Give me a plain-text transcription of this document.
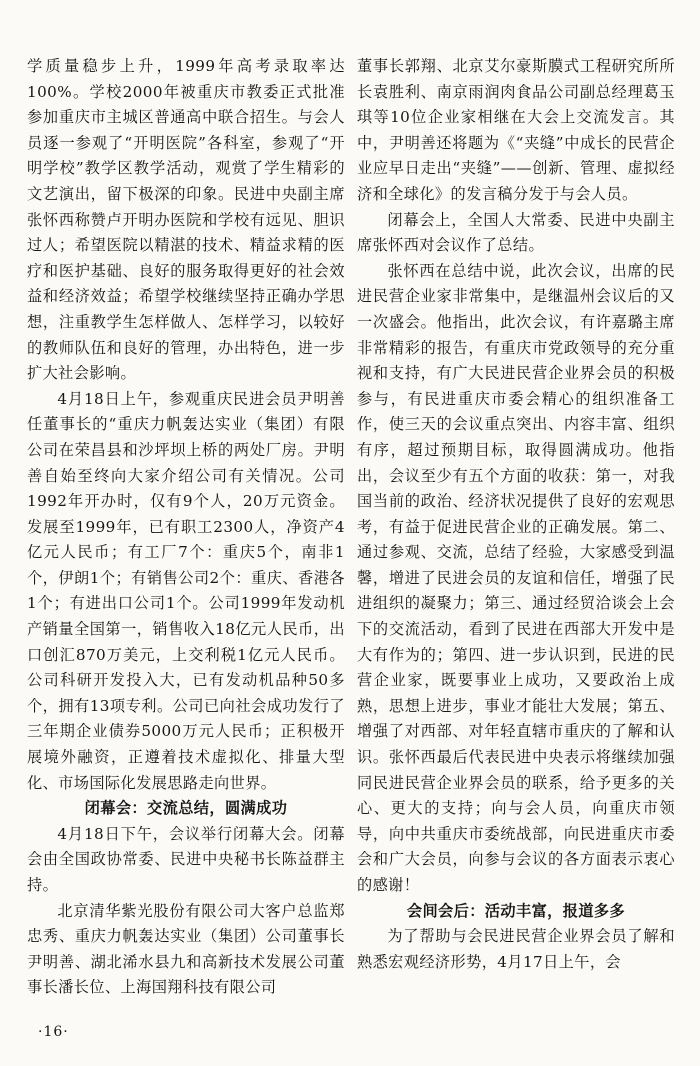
学质量稳步上升，1999年高考录取率达100%。学校2000年被重庆市教委正式批准参加重庆市主城区普通高中联合招生。与会人员逐一参观了“开明医院”各科室，参观了“开明学校”教学区教学活动，观赏了学生精彩的文艺演出，留下极深的印象。民进中央副主席张怀西称赞卢开明办医院和学校有远见、胆识过人；希望医院以精湛的技术、精益求精的医疗和医护基础、良好的服务取得更好的社会效益和经济效益；希望学校继续坚持正确办学思想，注重教学生怎样做人、怎样学习，以较好的教师队伍和良好的管理，办出特色，进一步扩大社会影响。

4月18日上午，参观重庆民进会员尹明善任董事长的“重庆力帆轰达实业（集团）有限公司在荣昌县和沙坪坝上桥的两处厂房。尹明善自始至终向大家介绍公司有关情况。公司1992年开办时，仅有9个人，20万元资金。发展至1999年，已有职工2300人，净资产4亿元人民币；有工厂7个：重庆5个，南非1个，伊朗1个；有销售公司2个：重庆、香港各1个；有进出口公司1个。公司1999年发动机产销量全国第一，销售收入18亿元人民币，出口创汇870万美元，上交利税1亿元人民币。公司科研开发投入大，已有发动机品种50多个，拥有13项专利。公司已向社会成功发行了三年期企业债券5000万元人民币；正积极开展境外融资，正遵着技术虚拟化、排量大型化、市场国际化发展思路走向世界。

闭幕会：交流总结，圆满成功

4月18日下午，会议举行闭幕大会。闭幕会由全国政协常委、民进中央秘书长陈益群主持。

北京清华紫光股份有限公司大客户总监郑忠秀、重庆力帆轰达实业（集团）公司董事长尹明善、湖北浠水县九和高新技术发展公司董事长潘长位、上海国翔科技有限公司

董事长郭翔、北京艾尔豪斯膜式工程研究所所长袁胜利、南京雨润肉食品公司副总经理葛玉琪等10位企业家相继在大会上交流发言。其中，尹明善还将题为《“夹缝”中成长的民营企业应早日走出“夹缝”——创新、管理、虚拟经济和全球化》的发言稿分发于与会人员。

闭幕会上，全国人大常委、民进中央副主席张怀西对会议作了总结。

张怀西在总结中说，此次会议，出席的民进民营企业家非常集中，是继温州会议后的又一次盛会。他指出，此次会议，有许嘉璐主席非常精彩的报告，有重庆市党政领导的充分重视和支持，有广大民进民营企业界会员的积极参与，有民进重庆市委会精心的组织准备工作，使三天的会议重点突出、内容丰富、组织有序，超过预期目标，取得圆满成功。他指出，会议至少有五个方面的收获：第一，对我国当前的政治、经济状况提供了良好的宏观思考，有益于促进民营企业的正确发展。第二、通过参观、交流，总结了经验，大家感受到温馨，增进了民进会员的友谊和信任，增强了民进组织的凝聚力；第三、通过经贸洽谈会上会下的交流活动，看到了民进在西部大开发中是大有作为的；第四、进一步认识到，民进的民营企业家，既要事业上成功，又要政治上成熟，思想上进步，事业才能壮大发展；第五、增强了对西部、对年轻直辖市重庆的了解和认识。张怀西最后代表民进中央表示将继续加强同民进民营企业界会员的联系，给予更多的关心、更大的支持；向与会人员，向重庆市领导，向中共重庆市委统战部，向民进重庆市委会和广大会员，向参与会议的各方面表示衷心的感谢！

会间会后：活动丰富，报道多多

为了帮助与会民进民营企业界会员了解和熟悉宏观经济形势，4月17日上午，会

·16·
